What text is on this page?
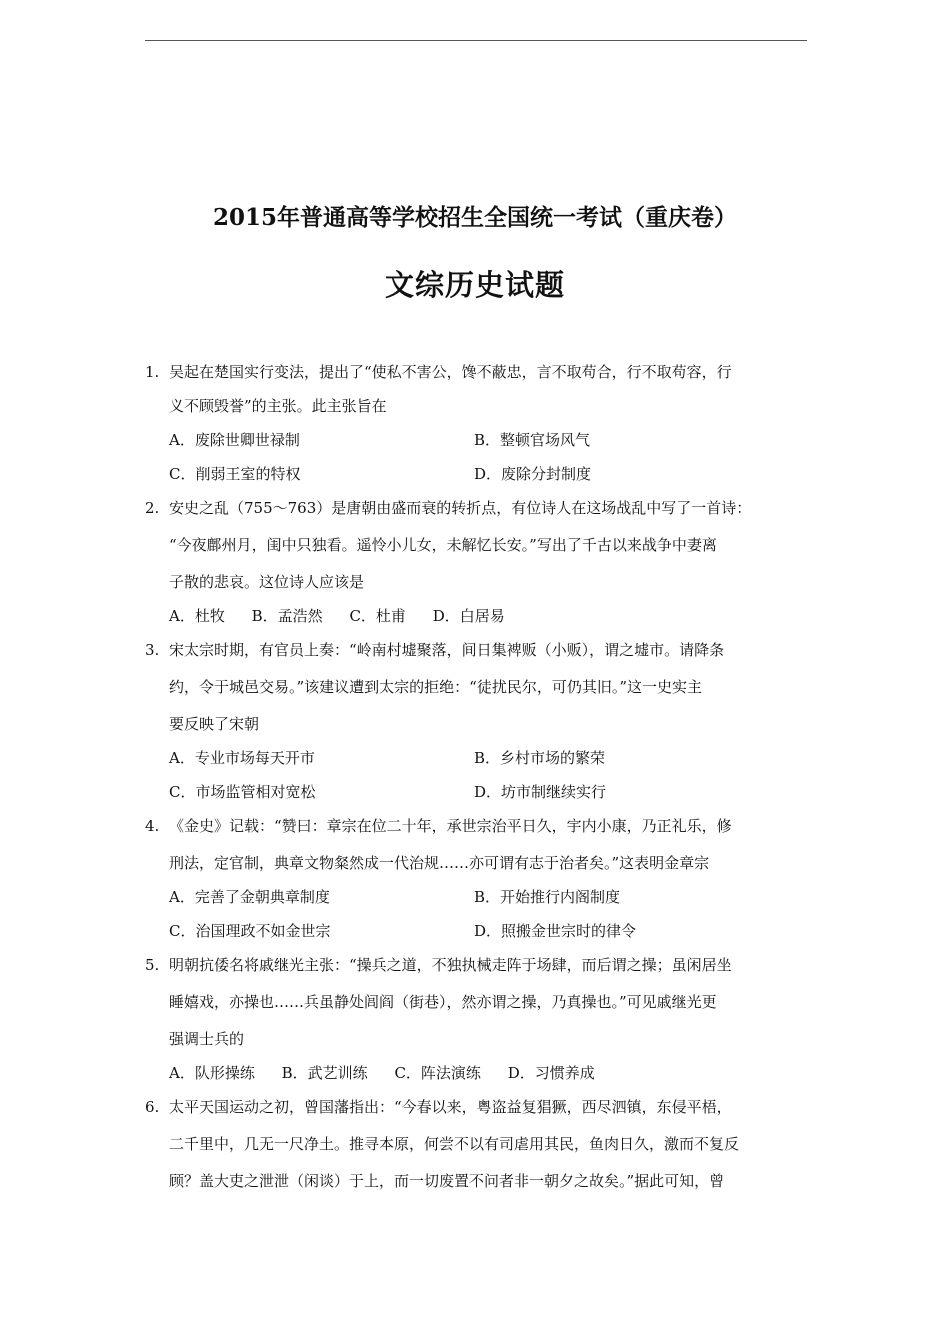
2015年普通高等学校招生全国统一考试（重庆卷）
文综历史试题
1. 吴起在楚国实行变法，提出了“使私不害公，馋不蔽忠，言不取苟合，行不取苟容，行
义不顾毁誉”的主张。此主张旨在
A．废除世卿世禄制	B．整顿官场风气
C．削弱王室的特权	D．废除分封制度
2. 安史之乱（755～763）是唐朝由盛而衰的转折点，有位诗人在这场战乱中写了一首诗：
“今夜鄜州月，闺中只独看。遥怜小儿女，未解忆长安。”写出了千古以来战争中妻离
子散的悲哀。这位诗人应该是
A．杜牧 B．孟浩然 C．杜甫 D．白居易
3. 宋太宗时期，有官员上奏：“岭南村墟聚落，间日集裨贩（小贩），谓之墟市。请降条
约，令于城邑交易。”该建议遭到太宗的拒绝：“徒扰民尔，可仍其旧。”这一史实主
要反映了宋朝
A．专业市场每天开市	B．乡村市场的繁荣
C．市场监管相对宽松	D．坊市制继续实行
4. 《金史》记载：“赞曰：章宗在位二十年，承世宗治平日久，宇内小康，乃正礼乐，修
刑法，定官制，典章文物粲然成一代治规……亦可谓有志于治者矣。”这表明金章宗
A．完善了金朝典章制度	B．开始推行内阁制度
C．治国理政不如金世宗	D．照搬金世宗时的律令
5. 明朝抗倭名将戚继光主张：“操兵之道，不独执械走阵于场肆，而后谓之操；虽闲居坐
睡嬉戏，亦操也……兵虽静处闾阎（街巷），然亦谓之操，乃真操也。”可见戚继光更
强调士兵的
A．队形操练 B．武艺训练 C．阵法演练 D．习惯养成
6. 太平天国运动之初，曾国藩指出：“今春以来，粤盗益复猖獗，西尽泗镇，东侵平梧，
二千里中，几无一尺净土。推寻本原，何尝不以有司虐用其民，鱼肉日久，激而不复反
顾？盖大吏之泄泄（闲谈）于上，而一切废置不问者非一朝夕之故矣。”据此可知，曾
